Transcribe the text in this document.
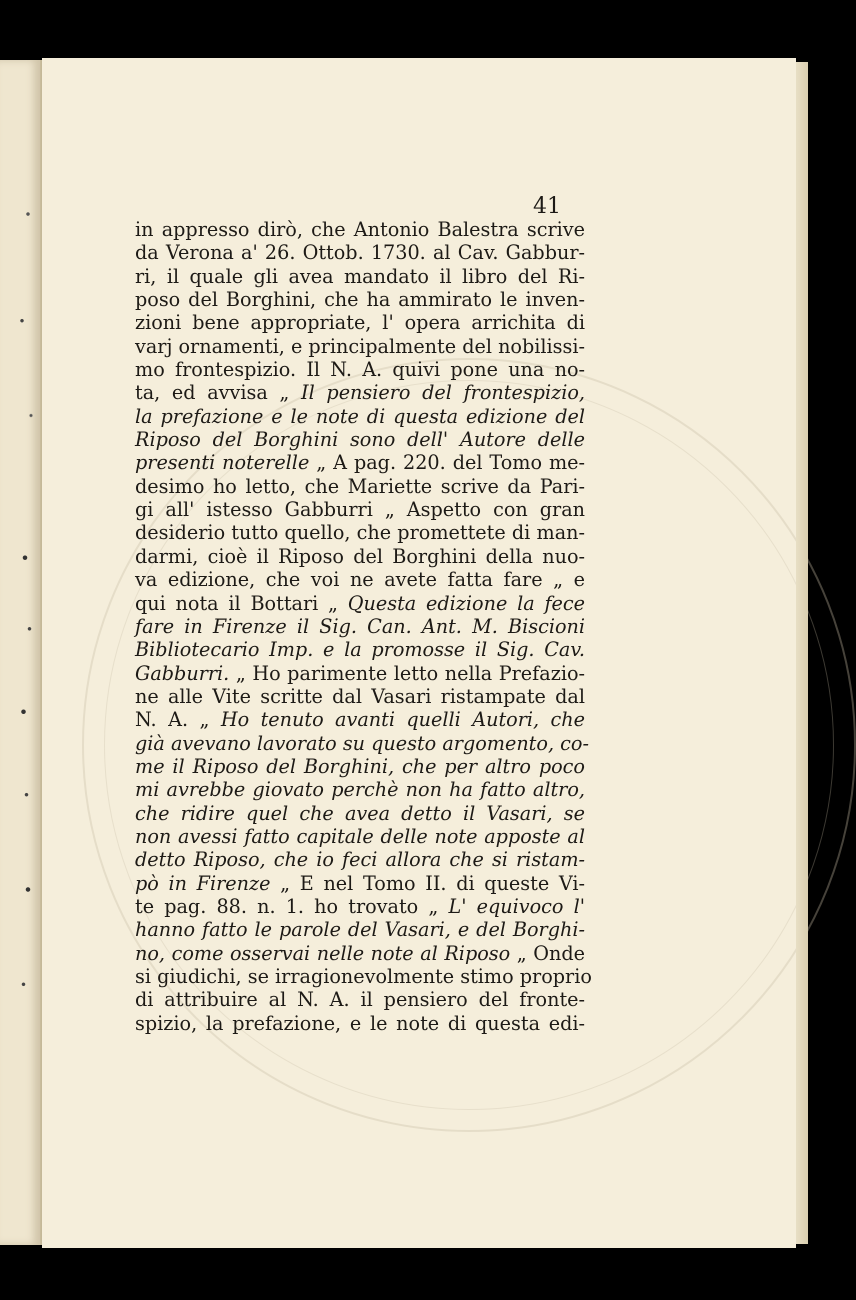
41
in appresso dirò, che Antonio Balestra scrive
da Verona a' 26. Ottob. 1730. al Cav. Gabbur-
ri, il quale gli avea mandato il libro del Ri-
poso del Borghini, che ha ammirato le inven-
zioni bene appropriate, l' opera arrichita di
varj ornamenti, e principalmente del nobilissi-
mo frontespizio. Il N. A. quivi pone una no-
ta, ed avvisa „ Il pensiero del frontespizio,
la prefazione e le note di questa edizione del
Riposo del Borghini sono dell' Autore delle
presenti noterelle „ A pag. 220. del Tomo me-
desimo ho letto, che Mariette scrive da Pari-
gi all' istesso Gabburri „ Aspetto con gran
desiderio tutto quello, che promettete di man-
darmi, cioè il Riposo del Borghini della nuo-
va edizione, che voi ne avete fatta fare „ e
qui nota il Bottari „ Questa edizione la fece
fare in Firenze il Sig. Can. Ant. M. Biscioni
Bibliotecario Imp. e la promosse il Sig. Cav.
Gabburri. „ Ho parimente letto nella Prefazio-
ne alle Vite scritte dal Vasari ristampate dal
N. A. „ Ho tenuto avanti quelli Autori, che
già avevano lavorato su questo argomento, co-
me il Riposo del Borghini, che per altro poco
mi avrebbe giovato perchè non ha fatto altro,
che ridire quel che avea detto il Vasari, se
non avessi fatto capitale delle note apposte al
detto Riposo, che io feci allora che si ristam-
pò in Firenze „ E nel Tomo II. di queste Vi-
te pag. 88. n. 1. ho trovato „ L' equivoco l'
hanno fatto le parole del Vasari, e del Borghi-
no, come osservai nelle note al Riposo „ Onde
si giudichi, se irragionevolmente stimo proprio
di attribuire al N. A. il pensiero del fronte-
spizio, la prefazione, e le note di questa edi-
